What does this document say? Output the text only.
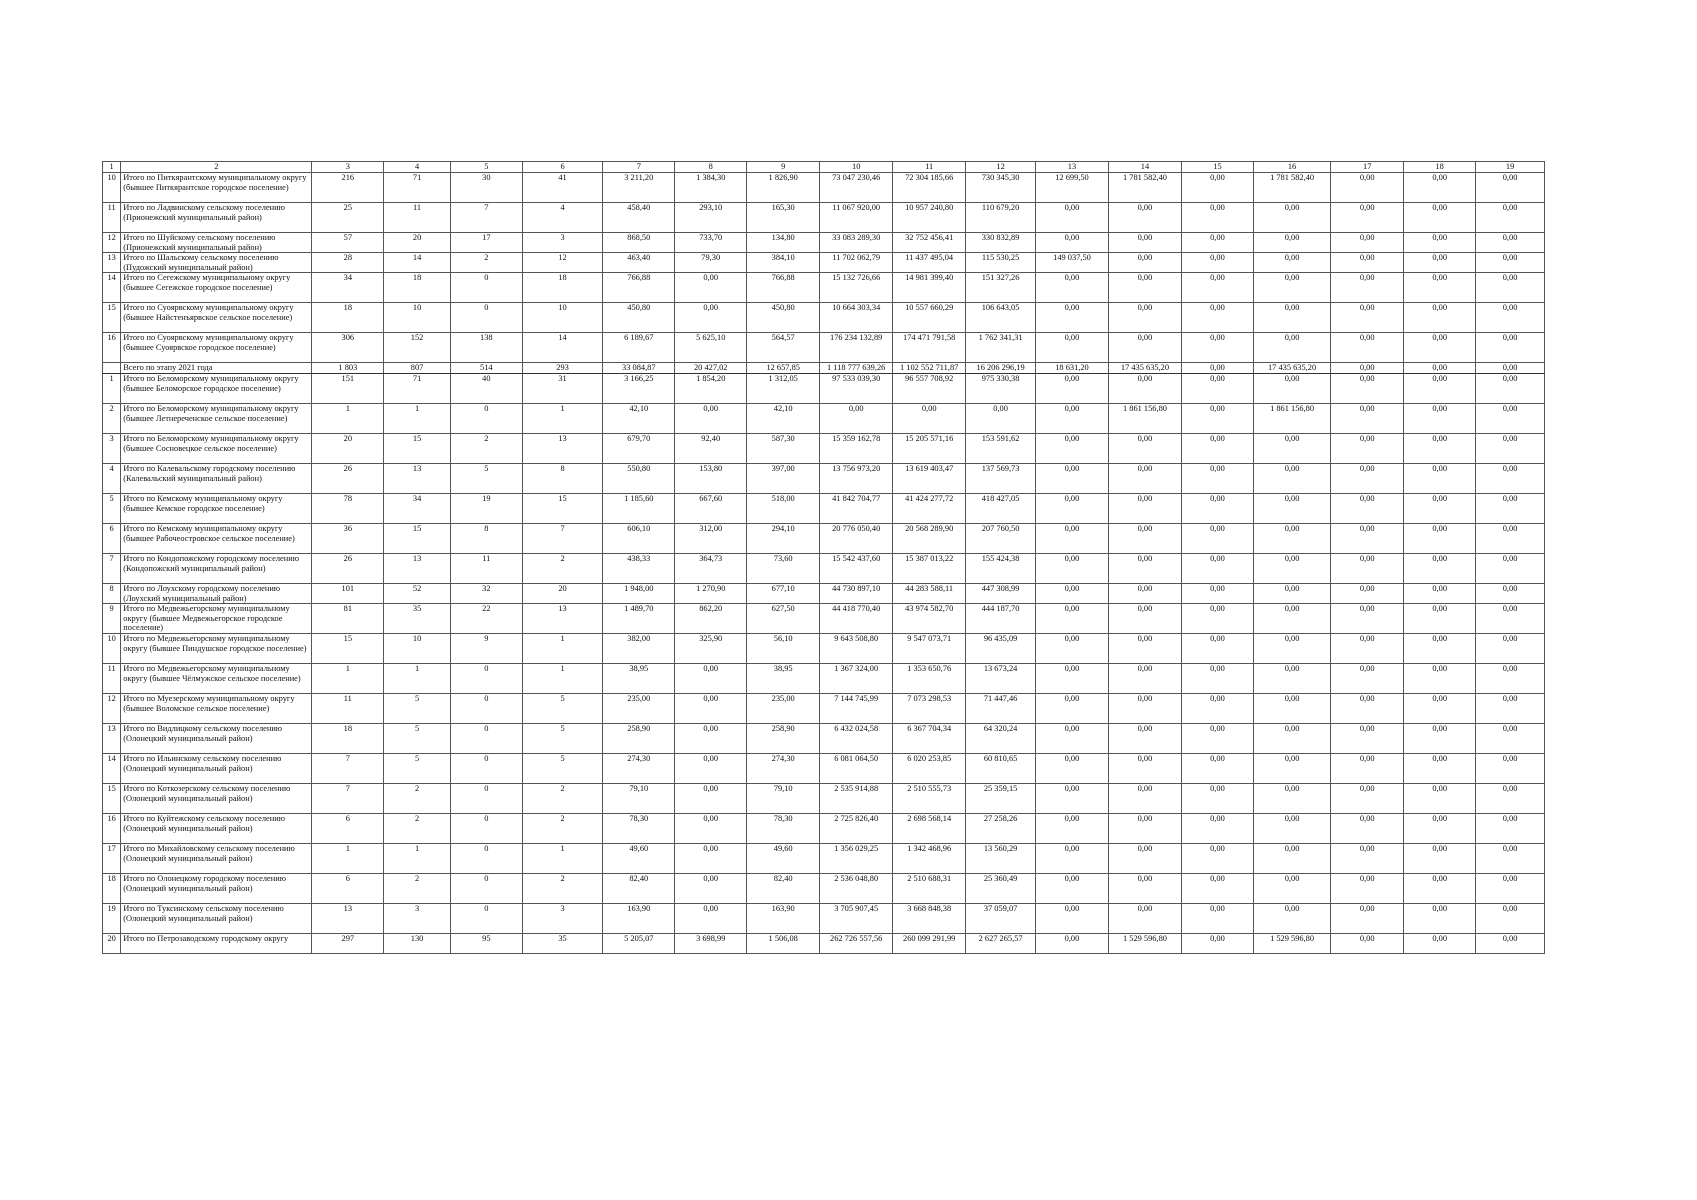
1	2	3	4	5	6	7	8	9	10	11	12	13	14	15	16	17	18	19
10	Итого по Питкярантскому муниципальному округу (бывшее Питкярантское городское поселение)	216	71	30	41	3 211,20	1 384,30	1 826,90	73 047 230,46	72 304 185,66	730 345,30	12 699,50	1 781 582,40	0,00	1 781 582,40	0,00	0,00	0,00
11	Итого по Ладвинскому сельскому поселению (Прионежский муниципальный район)	25	11	7	4	458,40	293,10	165,30	11 067 920,00	10 957 240,80	110 679,20	0,00	0,00	0,00	0,00	0,00	0,00	0,00
12	Итого по Шуйскому сельскому поселению (Прионежский муниципальный район)	57	20	17	3	868,50	733,70	134,80	33 083 289,30	32 752 456,41	330 832,89	0,00	0,00	0,00	0,00	0,00	0,00	0,00
13	Итого по Шальскому сельскому поселению (Пудожский муниципальный район)	28	14	2	12	463,40	79,30	384,10	11 702 062,79	11 437 495,04	115 530,25	149 037,50	0,00	0,00	0,00	0,00	0,00	0,00
14	Итого по Сегежскому муниципальному округу (бывшее Сегежское городское поселение)	34	18	0	18	766,88	0,00	766,88	15 132 726,66	14 981 399,40	151 327,26	0,00	0,00	0,00	0,00	0,00	0,00	0,00
15	Итого по Суоярвскому муниципальному округу (бывшее Найстенъярвское сельское поселение)	18	10	0	10	450,80	0,00	450,80	10 664 303,34	10 557 660,29	106 643,05	0,00	0,00	0,00	0,00	0,00	0,00	0,00
16	Итого по Суоярвскому муниципальному округу (бывшее Суоярвское городское поселение)	306	152	138	14	6 189,67	5 625,10	564,57	176 234 132,89	174 471 791,58	1 762 341,31	0,00	0,00	0,00	0,00	0,00	0,00	0,00
	Всего по этапу 2021 года	1 803	807	514	293	33 084,87	20 427,02	12 657,85	1 118 777 639,26	1 102 552 711,87	16 206 296,19	18 631,20	17 435 635,20	0,00	17 435 635,20	0,00	0,00	0,00
1	Итого по Беломорскому муниципальному округу (бывшее Беломорское городское поселение)	151	71	40	31	3 166,25	1 854,20	1 312,05	97 533 039,30	96 557 708,92	975 330,38	0,00	0,00	0,00	0,00	0,00	0,00	0,00
2	Итого по Беломорскому муниципальному округу (бывшее Летнереченское сельское поселение)	1	1	0	1	42,10	0,00	42,10	0,00	0,00	0,00	0,00	1 861 156,80	0,00	1 861 156,80	0,00	0,00	0,00
3	Итого по Беломорскому муниципальному округу (бывшее Сосновецкое сельское поселение)	20	15	2	13	679,70	92,40	587,30	15 359 162,78	15 205 571,16	153 591,62	0,00	0,00	0,00	0,00	0,00	0,00	0,00
4	Итого по Калевальскому городскому поселению (Калевальский муниципальный район)	26	13	5	8	550,80	153,80	397,00	13 756 973,20	13 619 403,47	137 569,73	0,00	0,00	0,00	0,00	0,00	0,00	0,00
5	Итого по Кемскому муниципальному округу (бывшее Кемское городское поселение)	78	34	19	15	1 185,60	667,60	518,00	41 842 704,77	41 424 277,72	418 427,05	0,00	0,00	0,00	0,00	0,00	0,00	0,00
6	Итого по Кемскому муниципальному округу (бывшее Рабочеостровское сельское поселение)	36	15	8	7	606,10	312,00	294,10	20 776 050,40	20 568 289,90	207 760,50	0,00	0,00	0,00	0,00	0,00	0,00	0,00
7	Итого по Кондопожскому городскому поселению (Кондопожский муниципальный район)	26	13	11	2	438,33	364,73	73,60	15 542 437,60	15 387 013,22	155 424,38	0,00	0,00	0,00	0,00	0,00	0,00	0,00
8	Итого по Лоухскому городскому поселению (Лоухский муниципальный район)	101	52	32	20	1 948,00	1 270,90	677,10	44 730 897,10	44 283 588,11	447 308,99	0,00	0,00	0,00	0,00	0,00	0,00	0,00
9	Итого по Медвежьегорскому муниципальному округу (бывшее Медвежьегорское городское поселение)	81	35	22	13	1 489,70	862,20	627,50	44 418 770,40	43 974 582,70	444 187,70	0,00	0,00	0,00	0,00	0,00	0,00	0,00
10	Итого по Медвежьегорскому муниципальному округу (бывшее Пиндушское городское поселение)	15	10	9	1	382,00	325,90	56,10	9 643 508,80	9 547 073,71	96 435,09	0,00	0,00	0,00	0,00	0,00	0,00	0,00
11	Итого по Медвежьегорскому муниципальному округу (бывшее Чёлмужское сельское поселение)	1	1	0	1	38,95	0,00	38,95	1 367 324,00	1 353 650,76	13 673,24	0,00	0,00	0,00	0,00	0,00	0,00	0,00
12	Итого по Муезерскому муниципальному округу (бывшее Воломское сельское поселение)	11	5	0	5	235,00	0,00	235,00	7 144 745,99	7 073 298,53	71 447,46	0,00	0,00	0,00	0,00	0,00	0,00	0,00
13	Итого по Видлицкому сельскому поселению (Олонецкий муниципальный район)	18	5	0	5	258,90	0,00	258,90	6 432 024,58	6 367 704,34	64 320,24	0,00	0,00	0,00	0,00	0,00	0,00	0,00
14	Итого по Ильинскому сельскому поселению (Олонецкий муниципальный район)	7	5	0	5	274,30	0,00	274,30	6 081 064,50	6 020 253,85	60 810,65	0,00	0,00	0,00	0,00	0,00	0,00	0,00
15	Итого по Коткозерскому сельскому поселению (Олонецкий муниципальный район)	7	2	0	2	79,10	0,00	79,10	2 535 914,88	2 510 555,73	25 359,15	0,00	0,00	0,00	0,00	0,00	0,00	0,00
16	Итого по Куйтежскому сельскому поселению (Олонецкий муниципальный район)	6	2	0	2	78,30	0,00	78,30	2 725 826,40	2 698 568,14	27 258,26	0,00	0,00	0,00	0,00	0,00	0,00	0,00
17	Итого по Михайловскому сельскому поселению (Олонецкий муниципальный район)	1	1	0	1	49,60	0,00	49,60	1 356 029,25	1 342 468,96	13 560,29	0,00	0,00	0,00	0,00	0,00	0,00	0,00
18	Итого по Олонецкому городскому поселению (Олонецкий муниципальный район)	6	2	0	2	82,40	0,00	82,40	2 536 048,80	2 510 688,31	25 360,49	0,00	0,00	0,00	0,00	0,00	0,00	0,00
19	Итого по Туксинскому сельскому поселению (Олонецкий муниципальный район)	13	3	0	3	163,90	0,00	163,90	3 705 907,45	3 668 848,38	37 059,07	0,00	0,00	0,00	0,00	0,00	0,00	0,00
20	Итого по Петрозаводскому городскому округу	297	130	95	35	5 205,07	3 698,99	1 506,08	262 726 557,56	260 099 291,99	2 627 265,57	0,00	1 529 596,80	0,00	1 529 596,80	0,00	0,00	0,00
